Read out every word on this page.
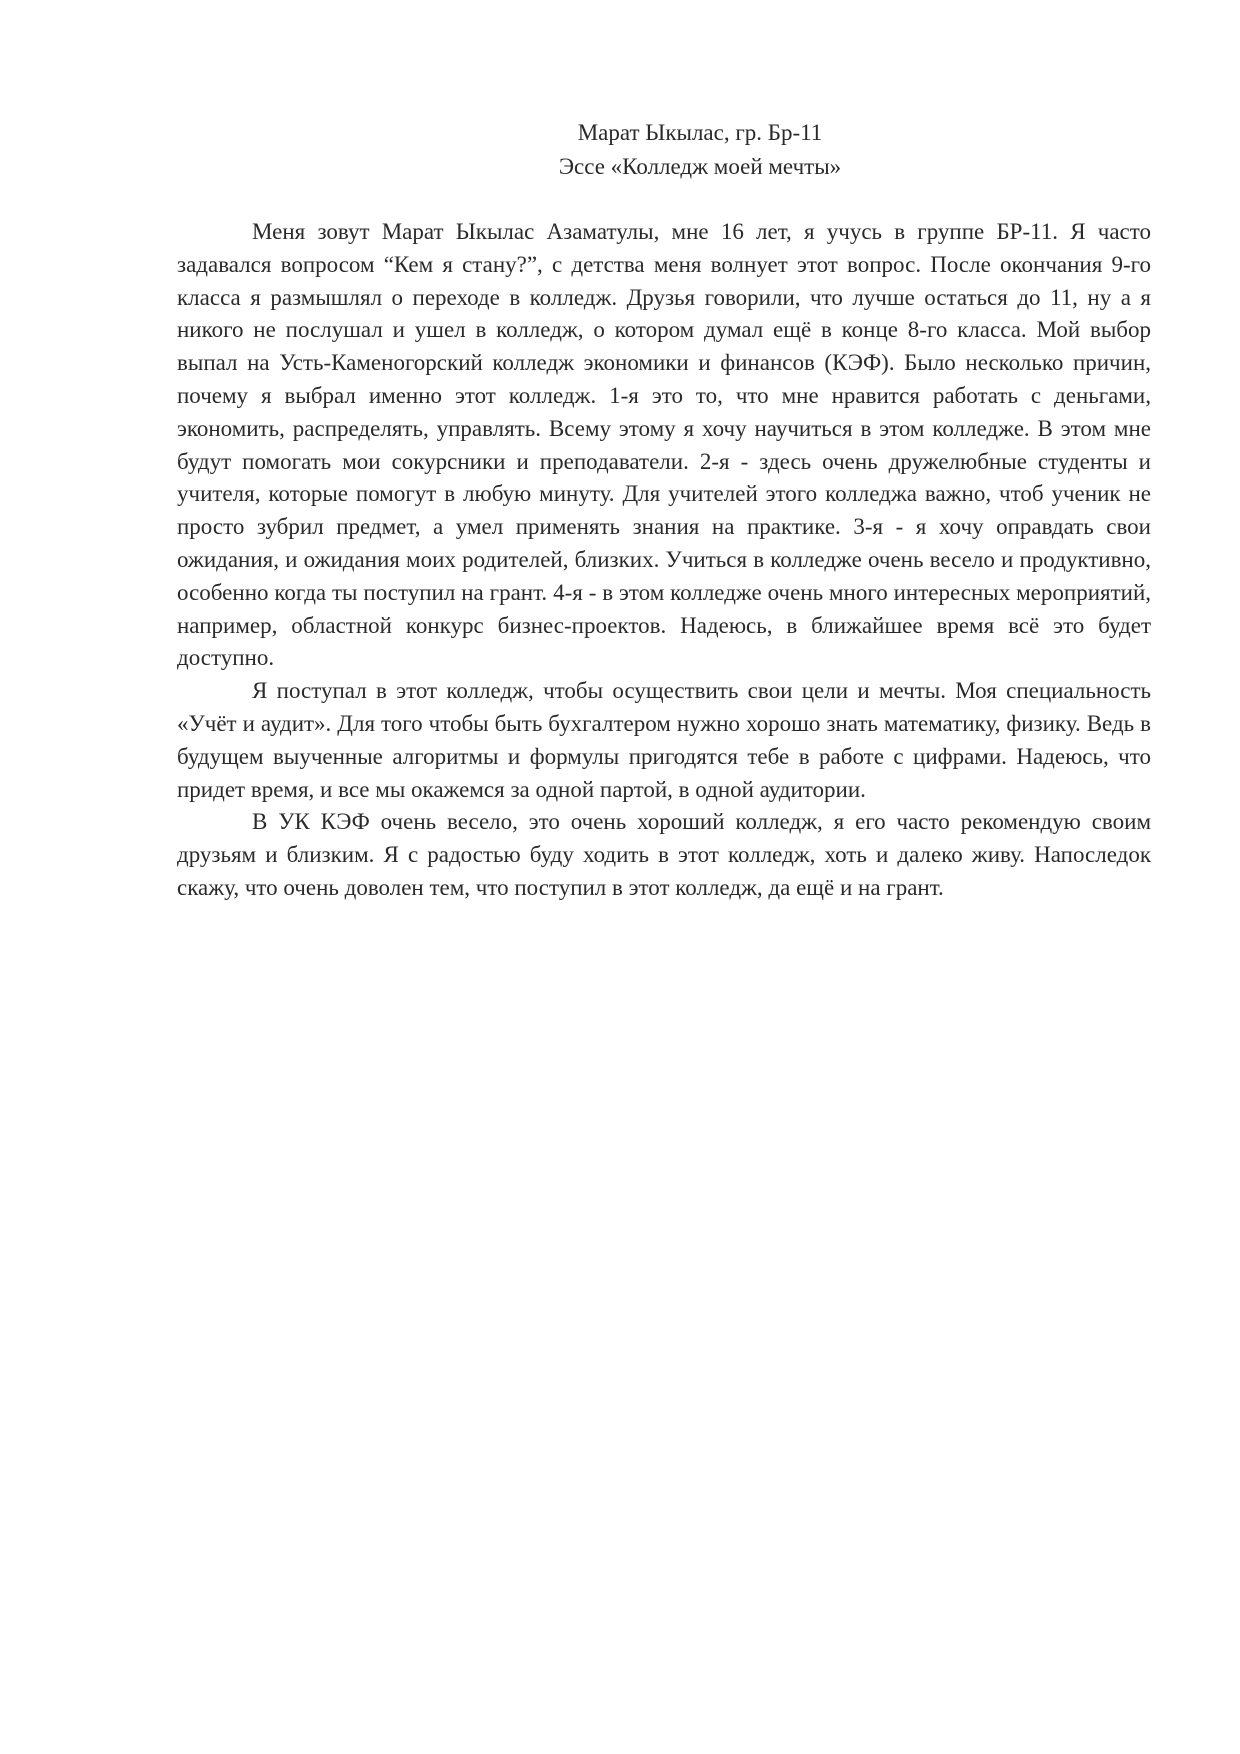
Марат Ыкылас, гр. Бр-11
Эссе «Колледж моей мечты»

Меня зовут Марат Ыкылас Азаматулы, мне 16 лет, я учусь в группе БР-11. Я часто задавался вопросом “Кем я стану?”, с детства меня волнует этот вопрос. После окончания 9-го класса я размышлял о переходе в колледж. Друзья говорили, что лучше остаться до 11, ну а я никого не послушал и ушел в колледж, о котором думал ещё в конце 8-го класса. Мой выбор выпал на Усть-Каменогорский колледж экономики и финансов (КЭФ). Было несколько причин, почему я выбрал именно этот колледж. 1-я это то, что мне нравится работать с деньгами, экономить, распределять, управлять. Всему этому я хочу научиться в этом колледже. В этом мне будут помогать мои сокурсники и преподаватели. 2-я - здесь очень дружелюбные студенты и учителя, которые помогут в любую минуту. Для учителей этого колледжа важно, чтоб ученик не просто зубрил предмет, а умел применять знания на практике. 3-я - я хочу оправдать свои ожидания, и ожидания моих родителей, близких. Учиться в колледже очень весело и продуктивно, особенно когда ты поступил на грант. 4-я - в этом колледже очень много интересных мероприятий, например, областной конкурс бизнес-проектов. Надеюсь, в ближайшее время всё это будет доступно.

Я поступал в этот колледж, чтобы осуществить свои цели и мечты. Моя специальность «Учёт и аудит». Для того чтобы быть бухгалтером нужно хорошо знать математику, физику. Ведь в будущем выученные алгоритмы и формулы пригодятся тебе в работе с цифрами. Надеюсь, что придет время, и все мы окажемся за одной партой, в одной аудитории.

В УК КЭФ очень весело, это очень хороший колледж, я его часто рекомендую своим друзьям и близким. Я с радостью буду ходить в этот колледж, хоть и далеко живу. Напоследок скажу, что очень доволен тем, что поступил в этот колледж, да ещё и на грант.
